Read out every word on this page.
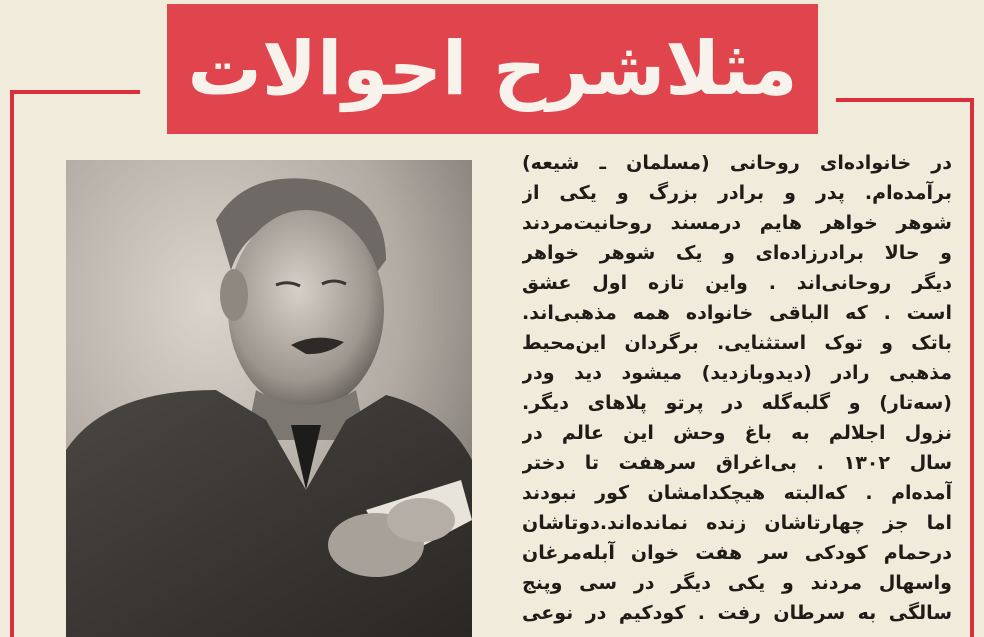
مثلاشرح احوالات
در خانواده‌ای روحانی (مسلمان ـ شیعه)
برآمده‌ام. پدر و برادر بزرگ و یکی از
شوهر خواهر هایم درمسند روحانیت‌مردند
و حالا برادرزاده‌ای و یک شوهر خواهر
دیگر روحانی‌اند . واین تازه اول عشق
است . که الباقی خانواده همه مذهبی‌اند.
باتک و توک استثنایی. برگردان این‌محیط
مذهبی رادر (دیدوبازدید) میشود دید ودر
(سه‌تار) و گلبه‌گله در پرتو پلاهای دیگر.
نزول اجلالم به باغ وحش این عالم در
سال ۱۳۰۲ . بی‌اغراق سرهفت تا دختر
آمده‌ام . که‌البته هیچکدامشان کور نبودند
اما جز چهارتاشان زنده نمانده‌اند.دوتاشان
درحمام کودکی سر هفت خوان آبله‌مرغان
واسهال مردند و یکی دیگر در سی وپنج
سالگی به سرطان رفت . کودکیم در نوعی
